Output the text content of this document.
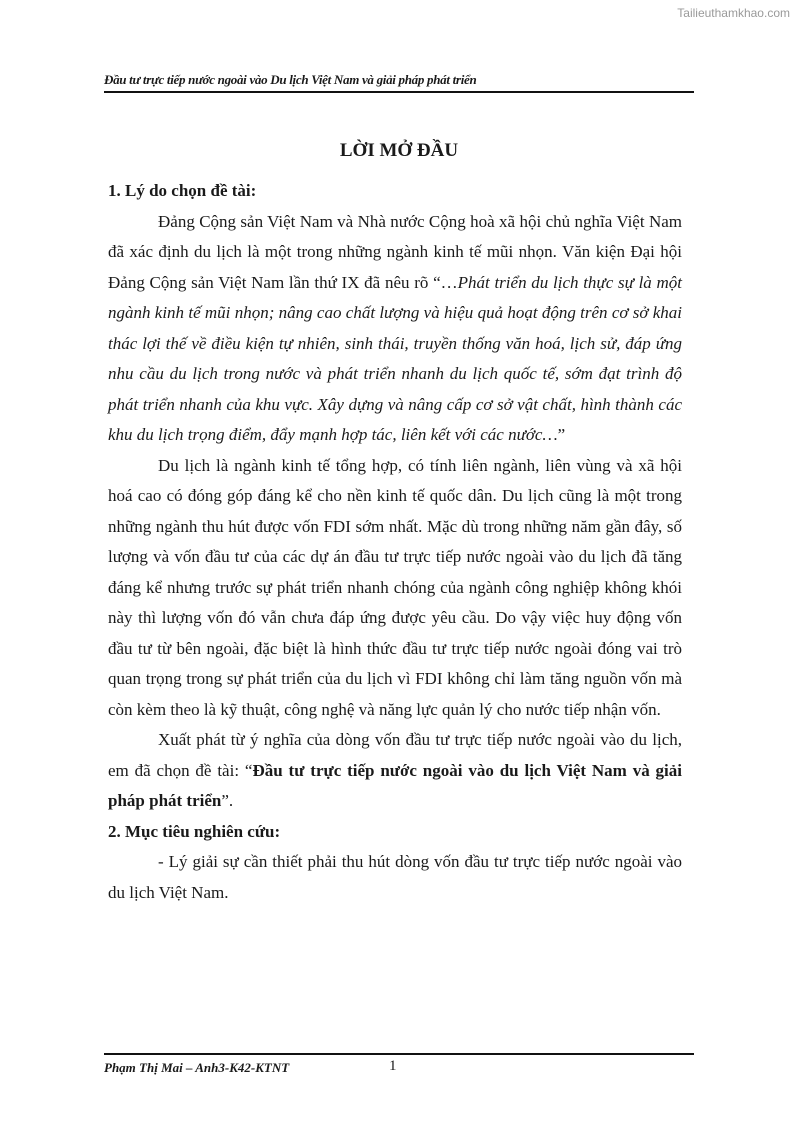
Tailieuthamkhao.com
Đầu tư trực tiếp nước ngoài vào Du lịch Việt Nam và giải pháp phát triển
LỜI MỞ ĐẦU

1. Lý do chọn đề tài:

Đảng Cộng sản Việt Nam và Nhà nước Cộng hoà xã hội chủ nghĩa Việt Nam đã xác định du lịch là một trong những ngành kinh tế mũi nhọn. Văn kiện Đại hội Đảng Cộng sản Việt Nam lần thứ IX đã nêu rõ “…Phát triển du lịch thực sự là một ngành kinh tế mũi nhọn; nâng cao chất lượng và hiệu quả hoạt động trên cơ sở khai thác lợi thế về điều kiện tự nhiên, sinh thái, truyền thống văn hoá, lịch sử, đáp ứng nhu cầu du lịch trong nước và phát triển nhanh du lịch quốc tế, sớm đạt trình độ phát triển nhanh của khu vực. Xây dựng và nâng cấp cơ sở vật chất, hình thành các khu du lịch trọng điểm, đẩy mạnh hợp tác, liên kết với các nước…”

Du lịch là ngành kinh tế tổng hợp, có tính liên ngành, liên vùng và xã hội hoá cao có đóng góp đáng kể cho nền kinh tế quốc dân. Du lịch cũng là một trong những ngành thu hút được vốn FDI sớm nhất. Mặc dù trong những năm gần đây, số lượng và vốn đầu tư của các dự án đầu tư trực tiếp nước ngoài vào du lịch đã tăng đáng kể nhưng trước sự phát triển nhanh chóng của ngành công nghiệp không khói này thì lượng vốn đó vẫn chưa đáp ứng được yêu cầu. Do vậy việc huy động vốn đầu tư từ bên ngoài, đặc biệt là hình thức đầu tư trực tiếp nước ngoài đóng vai trò quan trọng trong sự phát triển của du lịch vì FDI không chỉ làm tăng nguồn vốn mà còn kèm theo là kỹ thuật, công nghệ và năng lực quản lý cho nước tiếp nhận vốn.

Xuất phát từ ý nghĩa của dòng vốn đầu tư trực tiếp nước ngoài vào du lịch, em đã chọn đề tài: “Đầu tư trực tiếp nước ngoài vào du lịch Việt Nam và giải pháp phát triển”.

2. Mục tiêu nghiên cứu:

- Lý giải sự cần thiết phải thu hút dòng vốn đầu tư trực tiếp nước ngoài vào du lịch Việt Nam.

Phạm Thị Mai – Anh3-K42-KTNT	1
